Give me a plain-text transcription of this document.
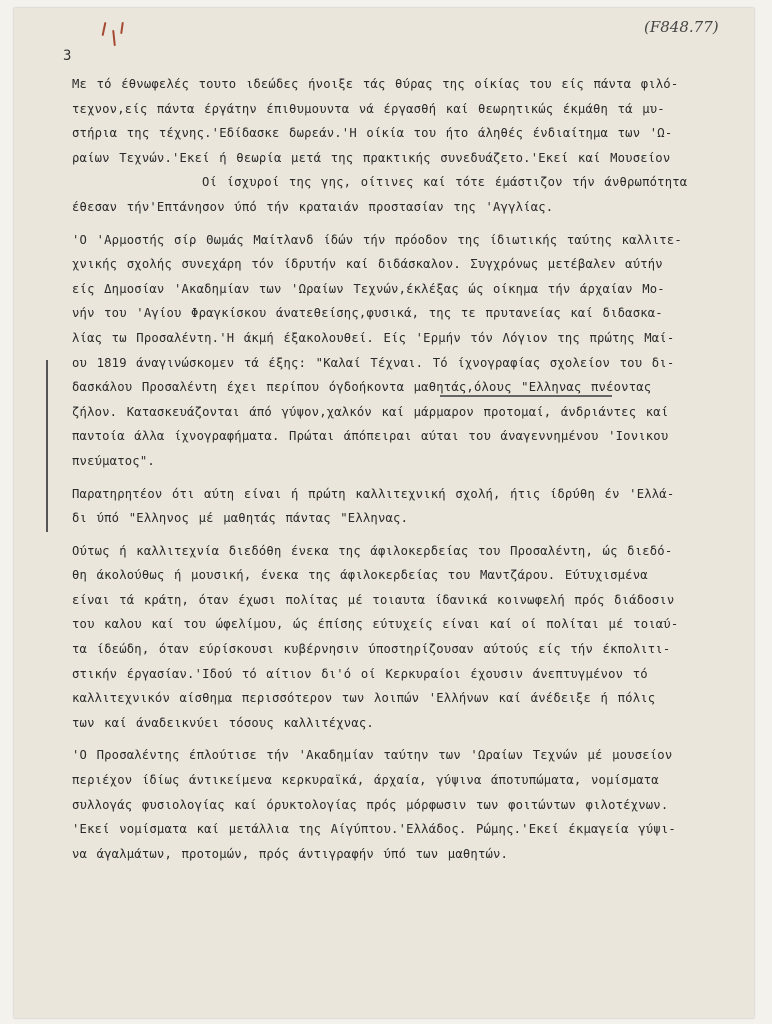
(F848.77)
3
Με τό έθνωφελές τουτο ιδεώδες ήνοιξε τάς θύρας της οίκίας του είς πάντα φιλό-
τεχνον,είς πάντα έργάτην έπιθυμουντα νά έργασθή καί θεωρητικώς έκμάθη τά μυ-
στήρια της τέχνης.'Εδίδασκε δωρεάν.'Η οίκία του ήτο άληθές ένδιαίτημα των 'Ω-
ραίων Τεχνών.'Εκεί ή θεωρία μετά της πρακτικής συνεδυάζετο.'Εκεί καί Μουσείον
Οί ίσχυροί της γης, οίτινες καί τότε έμάστιζον τήν άνθρωπότητα
έθεσαν τήν'Επτάνησον ύπό τήν κραταιάν προστασίαν της 'Αγγλίας.
'Ο 'Αρμοστής σίρ Θωμάς Μαίτλανδ ίδών τήν πρόοδον της ίδιωτικής ταύτης καλλιτε-
χνικής σχολής συνεχάρη τόν ίδρυτήν καί διδάσκαλον. Συγχρόνως μετέβαλεν αύτήν
είς Δημοσίαν 'Ακαδημίαν των 'Ωραίων Τεχνών,έκλέξας ώς οίκημα τήν άρχαίαν Μο-
νήν του 'Αγίου Φραγκίσκου άνατεθείσης,φυσικά, της τε πρυτανείας καί διδασκα-
λίας τω Προσαλέντη.'Η άκμή έξακολουθεί. Είς 'Ερμήν τόν Λόγιον της πρώτης Μαί-
ου 1819 άναγινώσκομεν τά έξης: "Καλαί Τέχναι. Τό ίχνογραφίας σχολείον του δι-
δασκάλου Προσαλέντη έχει περίπου όγδοήκοντα μαθητάς,όλους "Ελληνας πνέοντας
ζήλον. Κατασκευάζονται άπό γύψον,χαλκόν καί μάρμαρον προτομαί, άνδριάντες καί
παντοία άλλα ίχνογραφήματα. Πρώται άπόπειραι αύται του άναγεννημένου 'Ιονικου
πνεύματος".
Παρατηρητέον ότι αύτη είναι ή πρώτη καλλιτεχνική σχολή, ήτις ίδρύθη έν 'Ελλά-
δι ύπό "Ελληνος μέ μαθητάς πάντας "Ελληνας.
Ούτως ή καλλιτεχνία διεδόθη ένεκα της άφιλοκερδείας του Προσαλέντη, ώς διεδό-
θη άκολούθως ή μουσική, ένεκα της άφιλοκερδείας του Μαντζάρου. Εύτυχισμένα
είναι τά κράτη, όταν έχωσι πολίτας μέ τοιαυτα ίδανικά κοινωφελή πρός διάδοσιν
του καλου καί του ώφελίμου, ώς έπίσης εύτυχείς είναι καί οί πολίται μέ τοιαύ-
τα ίδεώδη, όταν εύρίσκουσι κυβέρνησιν ύποστηρίζουσαν αύτούς είς τήν έκπολιτι-
στικήν έργασίαν.'Ιδού τό αίτιον δι'ό οί Κερκυραίοι έχουσιν άνεπτυγμένον τό
καλλιτεχνικόν αίσθημα περισσότερον των λοιπών 'Ελλήνων καί άνέδειξε ή πόλις
των καί άναδεικνύει τόσους καλλιτέχνας.
'Ο Προσαλέντης έπλούτισε τήν 'Ακαδημίαν ταύτην των 'Ωραίων Τεχνών μέ μουσείον
περιέχον ίδίως άντικείμενα κερκυραϊκά, άρχαία, γύψινα άποτυπώματα, νομίσματα
συλλογάς φυσιολογίας καί όρυκτολογίας πρός μόρφωσιν των φοιτώντων φιλοτέχνων.
'Εκεί νομίσματα καί μετάλλια της Αίγύπτου.'Ελλάδος. Ρώμης.'Εκεί έκμαγεία γύψι-
να άγαλμάτων, προτομών, πρός άντιγραφήν ύπό των μαθητών.
